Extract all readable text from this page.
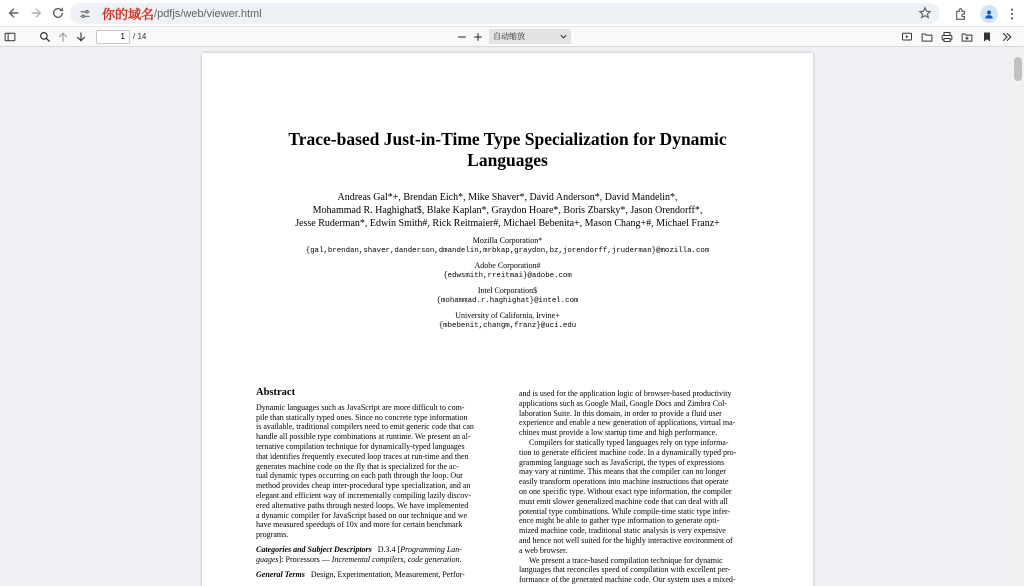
你的域名 /pdfjs/web/viewer.html
1
/ 14	自动缩放
Trace-based Just-in-Time Type Specialization for Dynamic
Languages
Andreas Gal*+, Brendan Eich*, Mike Shaver*, David Anderson*, David Mandelin*,
Mohammad R. Haghighat$, Blake Kaplan*, Graydon Hoare*, Boris Zbarsky*, Jason Orendorff*,
Jesse Ruderman*, Edwin Smith#, Rick Reitmaier#, Michael Bebenita+, Mason Chang+#, Michael Franz+
Mozilla Corporation*
{gal,brendan,shaver,danderson,dmandelin,mrbkap,graydon,bz,jorendorff,jruderman}@mozilla.com
Adobe Corporation#
{edwsmith,rreitmai}@adobe.com
Intel Corporation$
{mohammad.r.haghighat}@intel.com
University of California, Irvine+
{mbebenit,changm,franz}@uci.edu
Abstract
Dynamic languages such as JavaScript are more difficult to com-
pile than statically typed ones. Since no concrete type information
is available, traditional compilers need to emit generic code that can
handle all possible type combinations at runtime. We present an al-
ternative compilation technique for dynamically-typed languages
that identifies frequently executed loop traces at run-time and then
generates machine code on the fly that is specialized for the ac-
tual dynamic types occurring on each path through the loop. Our
method provides cheap inter-procedural type specialization, and an
elegant and efficient way of incrementally compiling lazily discov-
ered alternative paths through nested loops. We have implemented
a dynamic compiler for JavaScript based on our technique and we
have measured speedups of 10x and more for certain benchmark
programs.
Categories and Subject Descriptors D.3.4 [Programming Lan-
guages]: Processors — Incremental compilers, code generation.
General Terms Design, Experimentation, Measurement, Perfor-
and is used for the application logic of browser-based productivity
applications such as Google Mail, Google Docs and Zimbra Col-
laboration Suite. In this domain, in order to provide a fluid user
experience and enable a new generation of applications, virtual ma-
chines must provide a low startup time and high performance.
Compilers for statically typed languages rely on type informa-
tion to generate efficient machine code. In a dynamically typed pro-
gramming language such as JavaScript, the types of expressions
may vary at runtime. This means that the compiler can no longer
easily transform operations into machine instructions that operate
on one specific type. Without exact type information, the compiler
must emit slower generalized machine code that can deal with all
potential type combinations. While compile-time static type infer-
ence might be able to gather type information to generate opti-
mized machine code, traditional static analysis is very expensive
and hence not well suited for the highly interactive environment of
a web browser.
We present a trace-based compilation technique for dynamic
languages that reconciles speed of compilation with excellent per-
formance of the generated machine code. Our system uses a mixed-
